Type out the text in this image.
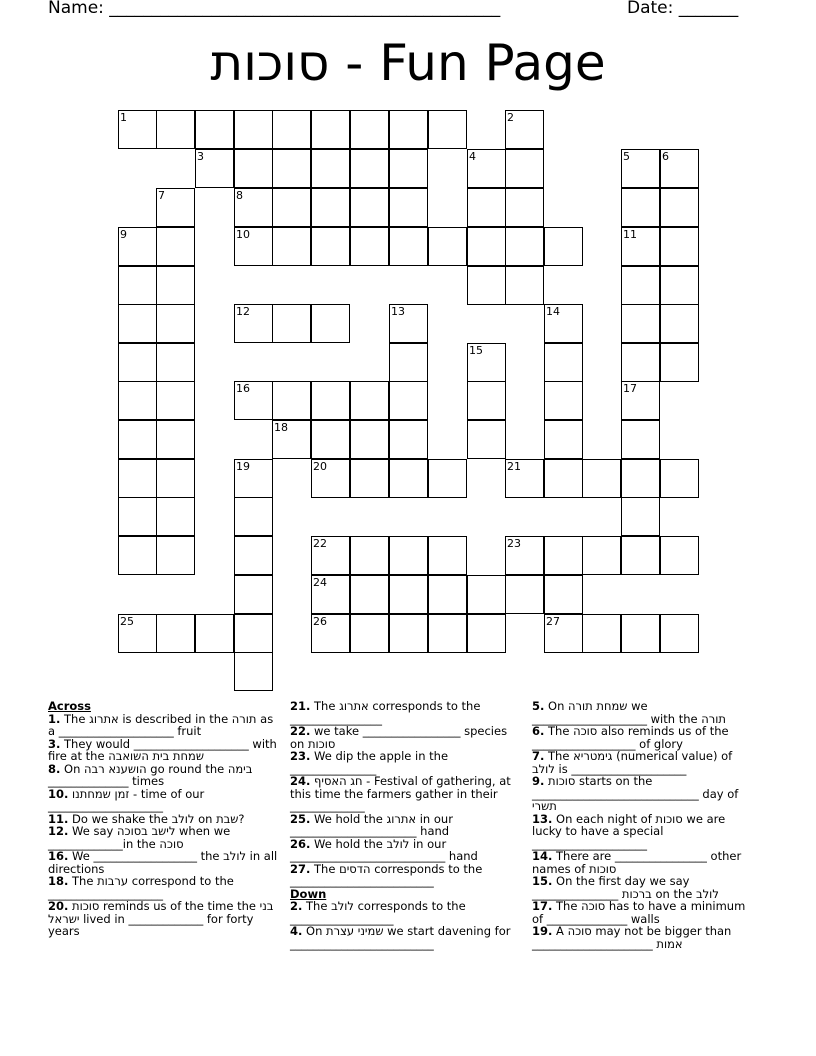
Name: ______________________________________________	Date: _______
סוכות - Fun Page
1	2
3	4	5	6
7	8
9	10	11
12	13	14
15
16	17
18
19	20	21
22	23
24
25	26	27

Across

1. The אתרוג is described in the תורה as a ____________________ fruit

3. They would ____________________ with fire at the שמחת בית השואבה

8. On הושענא רבה go round the בימה ______________ times

10. זמן שמחתנו - time of our ____________________

11. Do we shake the לולב on שבת?

12. We say לישב בסוכה when we _____________in the סוכה

16. We __________________ the לולב in all directions

18. The ערבות correspond to the ____________________

20. סוכות reminds us of the time the בני ישראל lived in _____________ for forty years

21. The אתרוג corresponds to the ________________

22. we take _________________ species on סוכות

23. We dip the apple in the _______________

24. חג האסיף - Festival of gathering, at this time the farmers gather in their _____________

25. We hold the אתרוג in our ______________________ hand

26. We hold the לולב in our ___________________________ hand

27. The הדסים corresponds to the _________________________

Down

2. The לולב corresponds to the __________________

4. On שמיני עצרת we start davening for _________________________

5. On שמחת תורה we ____________________ with the תורה

6. The סוכה also reminds us of the __________________ of glory

7. The גימטריא (numerical value) of לולב is ____________________

9. סוכות starts on the _____________________________ day of תשרי

13. On each night of סוכות we are lucky to have a special ____________________

14. There are ________________ other names of סוכות

15. On the first day we say _______________ ברכות on the לולב

17. The סוכה has to have a minimum of ______________ walls

19. A סוכה may not be bigger than _____________________ אמות
